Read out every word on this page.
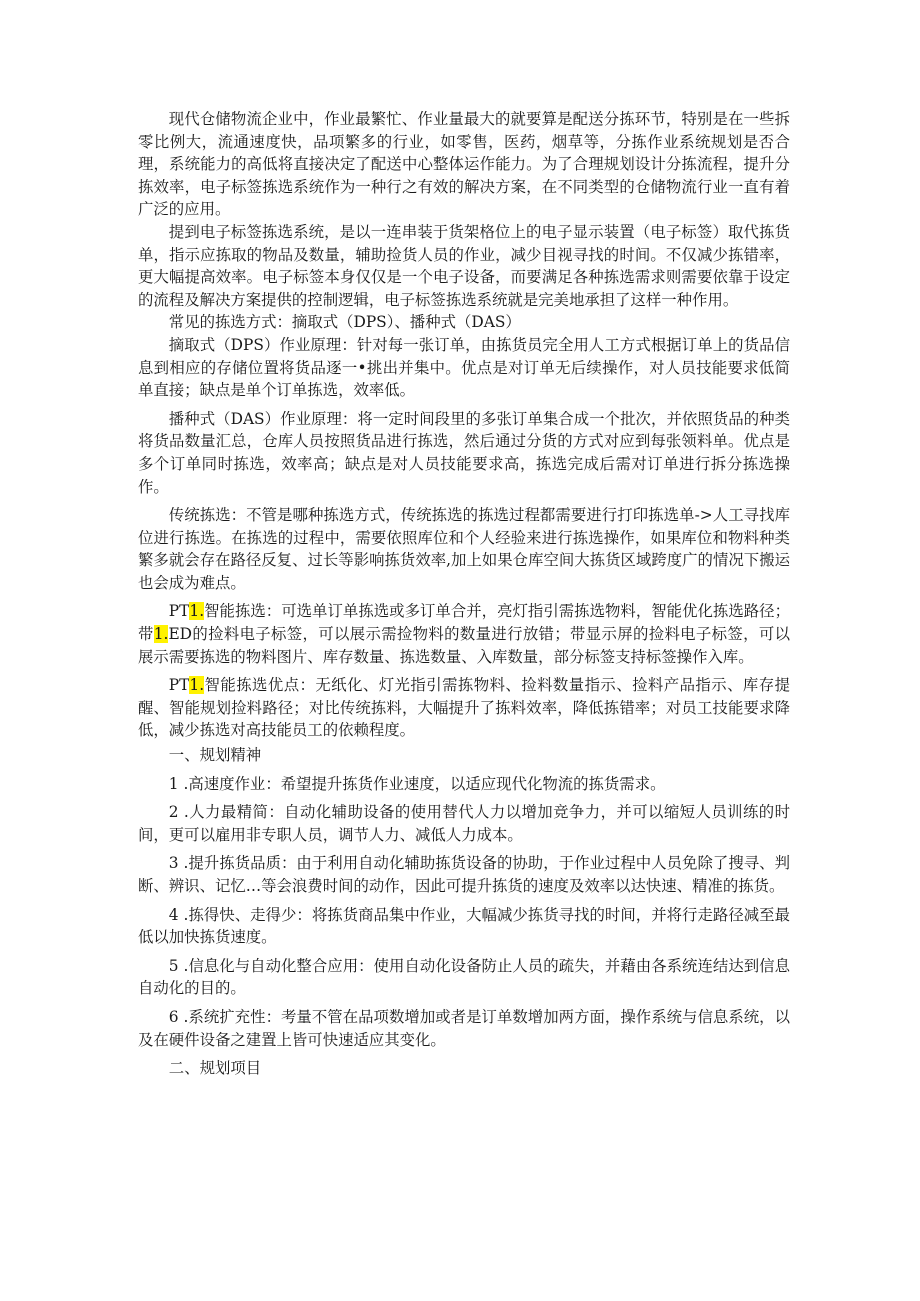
现代仓储物流企业中，作业最繁忙、作业量最大的就要算是配送分拣环节，特别是在一些拆零比例大，流通速度快，品项繁多的行业，如零售，医药，烟草等，分拣作业系统规划是否合理，系统能力的高低将直接决定了配送中心整体运作能力。为了合理规划设计分拣流程，提升分拣效率，电子标签拣选系统作为一种行之有效的解决方案，在不同类型的仓储物流行业一直有着广泛的应用。

提到电子标签拣选系统，是以一连串装于货架格位上的电子显示装置（电子标签）取代拣货单，指示应拣取的物品及数量，辅助捡货人员的作业，减少目视寻找的时间。不仅减少拣错率，更大幅提高效率。电子标签本身仅仅是一个电子设备，而要满足各种拣选需求则需要依靠于设定的流程及解决方案提供的控制逻辑，电子标签拣选系统就是完美地承担了这样一种作用。

常见的拣选方式：摘取式（DPS）、播种式（DAS）

摘取式（DPS）作业原理：针对每一张订单，由拣货员完全用人工方式根据订单上的货品信息到相应的存储位置将货品逐一•挑出并集中。优点是对订单无后续操作，对人员技能要求低简单直接；缺点是单个订单拣选，效率低。

播种式（DAS）作业原理：将一定时间段里的多张订单集合成一个批次，并依照货品的种类将货品数量汇总，仓库人员按照货品进行拣选，然后通过分货的方式对应到每张领料单。优点是多个订单同时拣选，效率高；缺点是对人员技能要求高，拣选完成后需对订单进行拆分拣选操作。

传统拣选：不管是哪种拣选方式，传统拣选的拣选过程都需要进行打印拣选单->人工寻找库位进行拣选。在拣选的过程中，需要依照库位和个人经验来进行拣选操作，如果库位和物料种类繁多就会存在路径反复、过长等影响拣货效率,加上如果仓库空间大拣货区域跨度广的情况下搬运也会成为难点。

PT1.智能拣选：可选单订单拣选或多订单合并，亮灯指引需拣选物料，智能优化拣选路径；带1.ED的捡料电子标签，可以展示需捡物料的数量进行放错；带显示屏的捡料电子标签，可以展示需要拣选的物料图片、库存数量、拣选数量、入库数量，部分标签支持标签操作入库。

PT1.智能拣选优点：无纸化、灯光指引需拣物料、捡料数量指示、捡料产品指示、库存提醒、智能规划捡料路径；对比传统拣料，大幅提升了拣料效率，降低拣错率；对员工技能要求降低，减少拣选对高技能员工的依赖程度。

一、规划精神

1 .高速度作业：希望提升拣货作业速度，以适应现代化物流的拣货需求。

2 .人力最精简：自动化辅助设备的使用替代人力以增加竞争力，并可以缩短人员训练的时间，更可以雇用非专职人员，调节人力、减低人力成本。

3 .提升拣货品质：由于利用自动化辅助拣货设备的协助，于作业过程中人员免除了搜寻、判断、辨识、记忆…等会浪费时间的动作，因此可提升拣货的速度及效率以达快速、精准的拣货。

4 .拣得快、走得少：将拣货商品集中作业，大幅减少拣货寻找的时间，并将行走路径减至最低以加快拣货速度。

5 .信息化与自动化整合应用：使用自动化设备防止人员的疏失，并藉由各系统连结达到信息自动化的目的。

6 .系统扩充性：考量不管在品项数增加或者是订单数增加两方面，操作系统与信息系统，以及在硬件设备之建置上皆可快速适应其变化。

二、规划项目
